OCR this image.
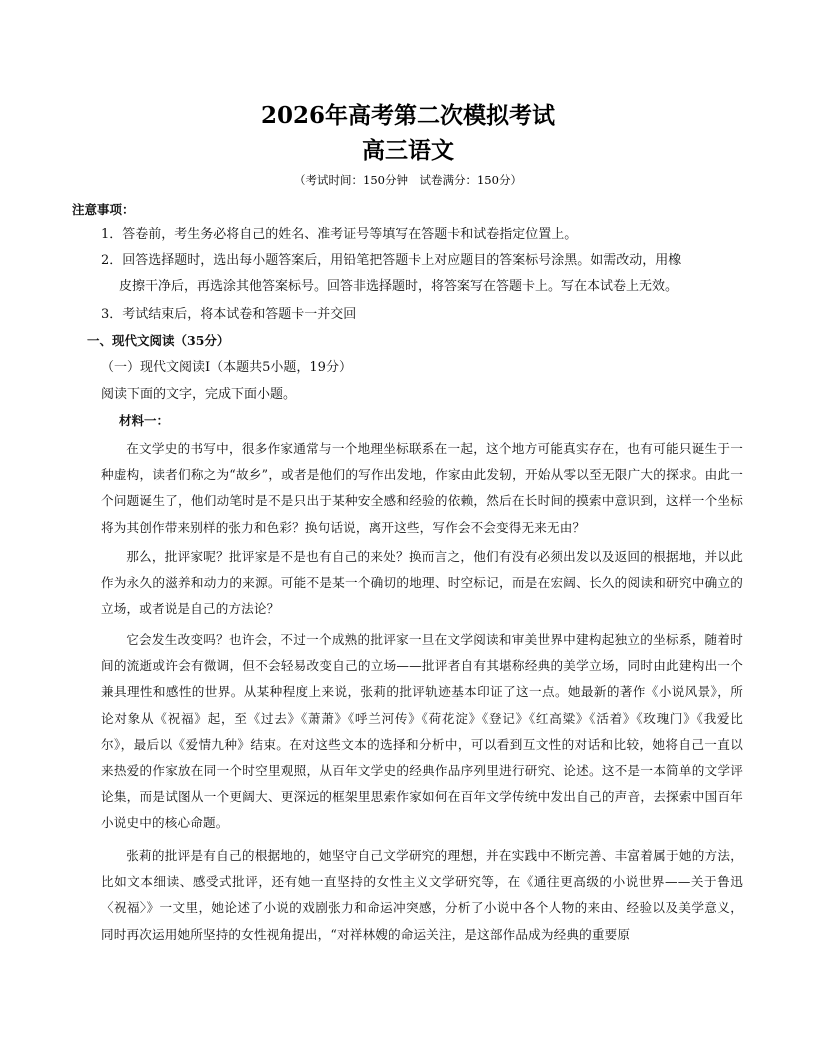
2026年高考第二次模拟考试
高三语文
（考试时间：150分钟　试卷满分：150分）
注意事项：
1．答卷前，考生务必将自己的姓名、准考证号等填写在答题卡和试卷指定位置上。
2．回答选择题时，选出每小题答案后，用铅笔把答题卡上对应题目的答案标号涂黑。如需改动，用橡
皮擦干净后，再选涂其他答案标号。回答非选择题时，将答案写在答题卡上。写在本试卷上无效。
3．考试结束后，将本试卷和答题卡一并交回
一、现代文阅读（35分）
（一）现代文阅读Ⅰ（本题共5小题，19分）
阅读下面的文字，完成下面小题。
材料一：
在文学史的书写中，很多作家通常与一个地理坐标联系在一起，这个地方可能真实存在，也有可能只诞生于一种虚构，读者们称之为“故乡”，或者是他们的写作出发地，作家由此发轫，开始从零以至无限广大的探求。由此一个问题诞生了，他们动笔时是不是只出于某种安全感和经验的依赖，然后在长时间的摸索中意识到，这样一个坐标将为其创作带来别样的张力和色彩？换句话说，离开这些，写作会不会变得无来无由？
那么，批评家呢？批评家是不是也有自己的来处？换而言之，他们有没有必须出发以及返回的根据地，并以此作为永久的滋养和动力的来源。可能不是某一个确切的地理、时空标记，而是在宏阔、长久的阅读和研究中确立的立场，或者说是自己的方法论？
它会发生改变吗？也许会，不过一个成熟的批评家一旦在文学阅读和审美世界中建构起独立的坐标系，随着时间的流逝或许会有微调，但不会轻易改变自己的立场——批评者自有其堪称经典的美学立场，同时由此建构出一个兼具理性和感性的世界。从某种程度上来说，张莉的批评轨迹基本印证了这一点。她最新的著作《小说风景》，所论对象从《祝福》起，至《过去》《萧萧》《呼兰河传》《荷花淀》《登记》《红高粱》《活着》《玫瑰门》《我爱比尔》，最后以《爱情九种》结束。在对这些文本的选择和分析中，可以看到互文性的对话和比较，她将自己一直以来热爱的作家放在同一个时空里观照，从百年文学史的经典作品序列里进行研究、论述。这不是一本简单的文学评论集，而是试图从一个更阔大、更深远的框架里思索作家如何在百年文学传统中发出自己的声音，去探索中国百年小说史中的核心命题。
张莉的批评是有自己的根据地的，她坚守自己文学研究的理想，并在实践中不断完善、丰富着属于她的方法，比如文本细读、感受式批评，还有她一直坚持的女性主义文学研究等，在《通往更高级的小说世界——关于鲁迅〈祝福〉》一文里，她论述了小说的戏剧张力和命运冲突感，分析了小说中各个人物的来由、经验以及美学意义，同时再次运用她所坚持的女性视角提出，“对祥林嫂的命运关注，是这部作品成为经典的重要原
